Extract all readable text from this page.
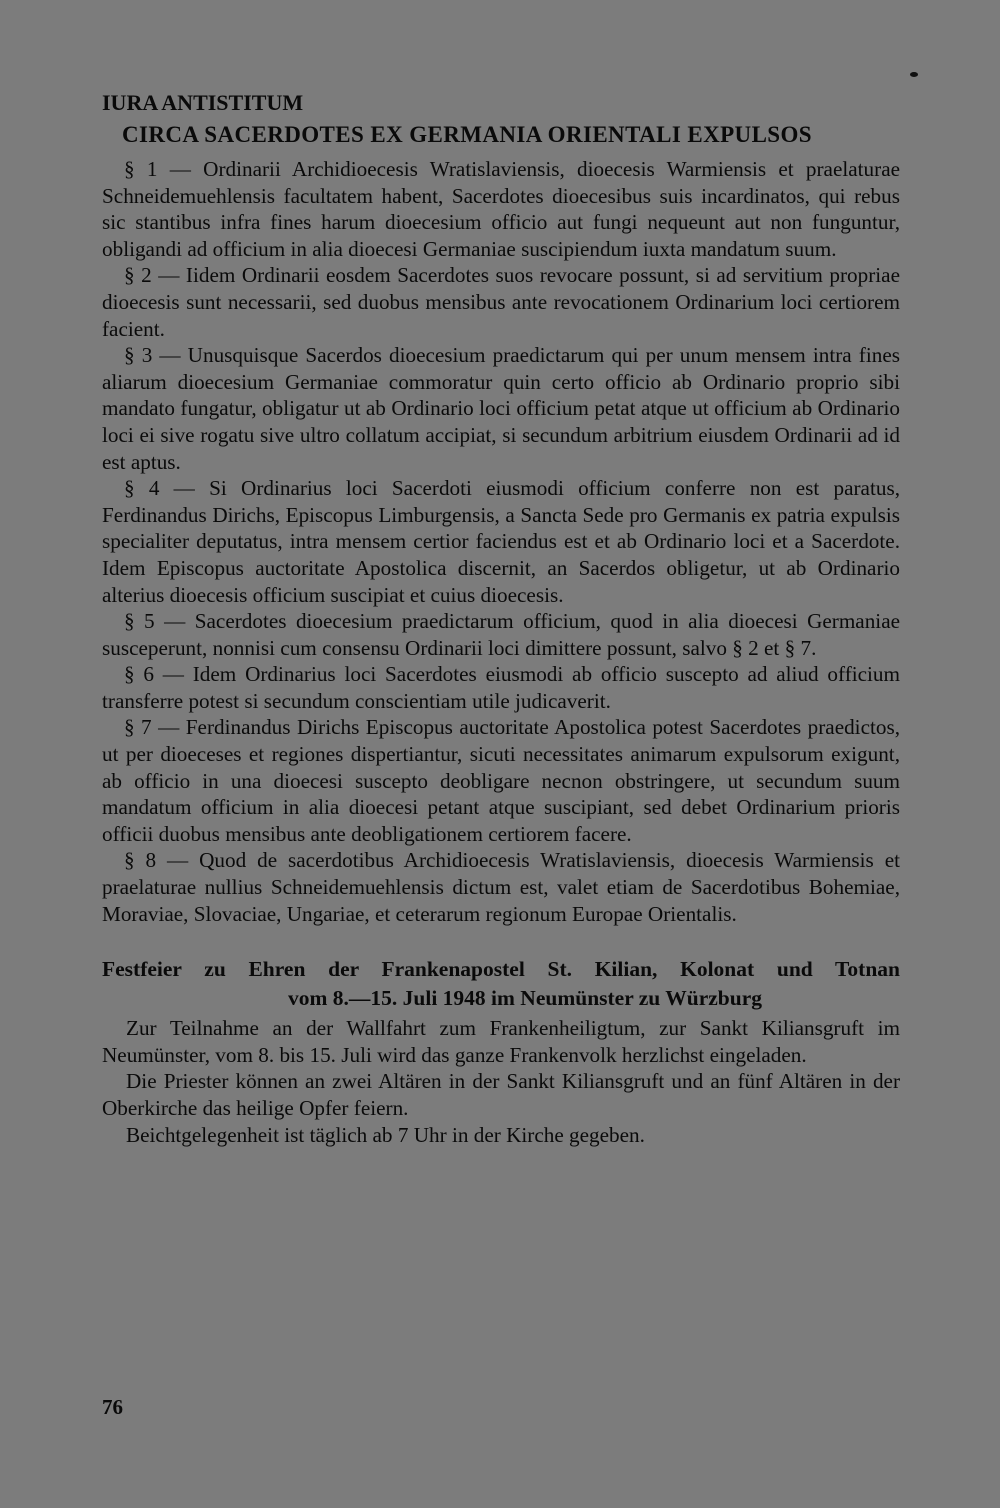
IURA ANTISTITUM
CIRCA SACERDOTES EX GERMANIA ORIENTALI EXPULSOS

§ 1 — Ordinarii Archidioecesis Wratislaviensis, dioecesis Warmiensis et praelaturae Schneidemuehlensis facultatem habent, Sacerdotes dioecesibus suis incardinatos, qui rebus sic stantibus infra fines harum dioecesium officio aut fungi nequeunt aut non funguntur, obligandi ad officium in alia dioecesi Germaniae suscipiendum iuxta mandatum suum.

§ 2 — Iidem Ordinarii eosdem Sacerdotes suos revocare possunt, si ad servitium propriae dioecesis sunt necessarii, sed duobus mensibus ante revocationem Ordinarium loci certiorem facient.

§ 3 — Unusquisque Sacerdos dioecesium praedictarum qui per unum mensem intra fines aliarum dioecesium Germaniae commoratur quin certo officio ab Ordinario proprio sibi mandato fungatur, obligatur ut ab Ordinario loci officium petat atque ut officium ab Ordinario loci ei sive rogatu sive ultro collatum accipiat, si secundum arbitrium eiusdem Ordinarii ad id est aptus.

§ 4 — Si Ordinarius loci Sacerdoti eiusmodi officium conferre non est paratus, Ferdinandus Dirichs, Episcopus Limburgensis, a Sancta Sede pro Germanis ex patria expulsis specialiter deputatus, intra mensem certior faciendus est et ab Ordinario loci et a Sacerdote. Idem Episcopus auctoritate Apostolica discernit, an Sacerdos obligetur, ut ab Ordinario alterius dioecesis officium suscipiat et cuius dioecesis.

§ 5 — Sacerdotes dioecesium praedictarum officium, quod in alia dioecesi Germaniae susceperunt, nonnisi cum consensu Ordinarii loci dimittere possunt, salvo § 2 et § 7.

§ 6 — Idem Ordinarius loci Sacerdotes eiusmodi ab officio suscepto ad aliud officium transferre potest si secundum conscientiam utile judicaverit.

§ 7 — Ferdinandus Dirichs Episcopus auctoritate Apostolica potest Sacerdotes praedictos, ut per dioeceses et regiones dispertiantur, sicuti necessitates animarum expulsorum exigunt, ab officio in una dioecesi suscepto deobligare necnon obstringere, ut secundum suum mandatum officium in alia dioecesi petant atque suscipiant, sed debet Ordinarium prioris officii duobus mensibus ante deobligationem certiorem facere.

§ 8 — Quod de sacerdotibus Archidioecesis Wratislaviensis, dioecesis Warmiensis et praelaturae nullius Schneidemuehlensis dictum est, valet etiam de Sacerdotibus Bohemiae, Moraviae, Slovaciae, Ungariae, et ceterarum regionum Europae Orientalis.

Festfeier zu Ehren der Frankenapostel St. Kilian, Kolonat und Totnan
vom 8.—15. Juli 1948 im Neumünster zu Würzburg

Zur Teilnahme an der Wallfahrt zum Frankenheiligtum, zur Sankt Kiliansgruft im Neumünster, vom 8. bis 15. Juli wird das ganze Frankenvolk herzlichst eingeladen.

Die Priester können an zwei Altären in der Sankt Kiliansgruft und an fünf Altären in der Oberkirche das heilige Opfer feiern.

Beichtgelegenheit ist täglich ab 7 Uhr in der Kirche gegeben.

76
